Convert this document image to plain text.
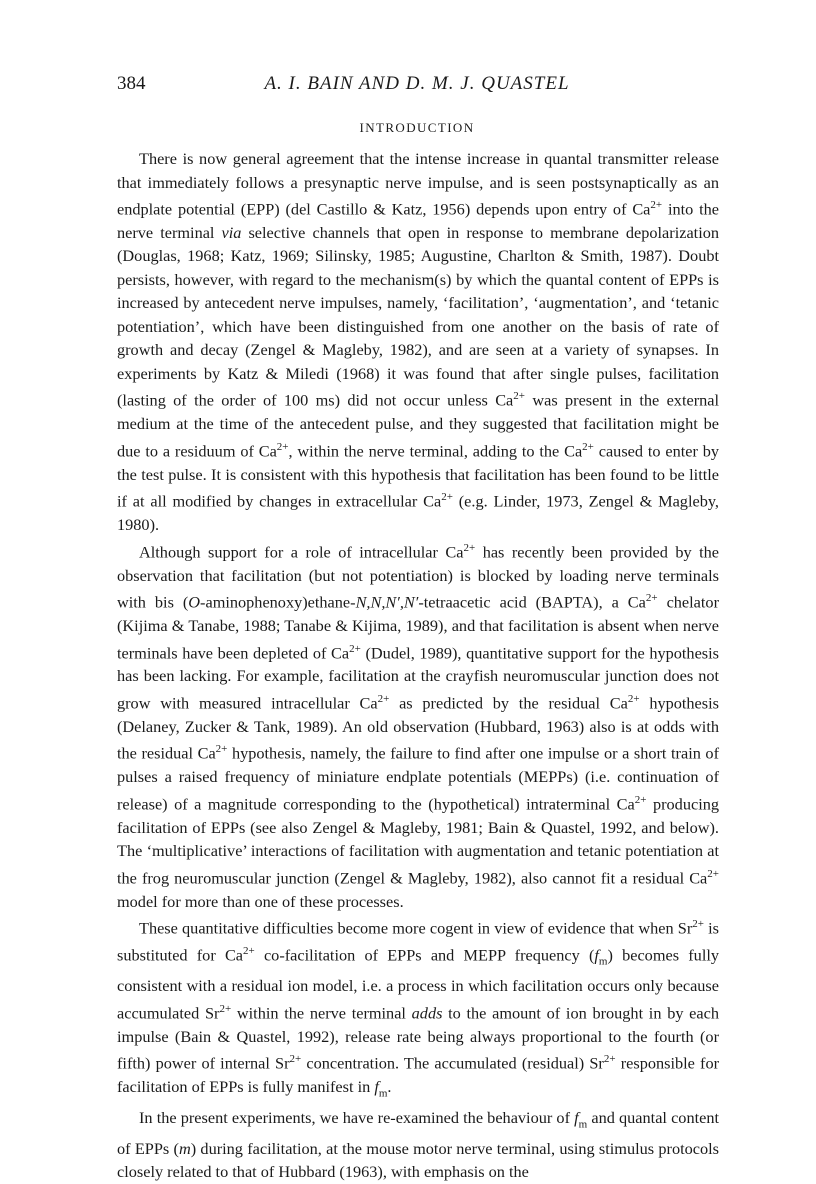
384	A. I. BAIN AND D. M. J. QUASTEL
INTRODUCTION

There is now general agreement that the intense increase in quantal transmitter release that immediately follows a presynaptic nerve impulse, and is seen postsynaptically as an endplate potential (EPP) (del Castillo & Katz, 1956) depends upon entry of $Ca^{2+}$ into the nerve terminal via selective channels that open in response to membrane depolarization (Douglas, 1968; Katz, 1969; Silinsky, 1985; Augustine, Charlton & Smith, 1987). Doubt persists, however, with regard to the mechanism(s) by which the quantal content of EPPs is increased by antecedent nerve impulses, namely, ‘facilitation’, ‘augmentation’, and ‘tetanic potentiation’, which have been distinguished from one another on the basis of rate of growth and decay (Zengel & Magleby, 1982), and are seen at a variety of synapses. In experiments by Katz & Miledi (1968) it was found that after single pulses, facilitation (lasting of the order of 100 ms) did not occur unless $Ca^{2+}$ was present in the external medium at the time of the antecedent pulse, and they suggested that facilitation might be due to a residuum of $Ca^{2+}$, within the nerve terminal, adding to the $Ca^{2+}$ caused to enter by the test pulse. It is consistent with this hypothesis that facilitation has been found to be little if at all modified by changes in extracellular $Ca^{2+}$ (e.g. Linder, 1973, Zengel & Magleby, 1980).

Although support for a role of intracellular $Ca^{2+}$ has recently been provided by the observation that facilitation (but not potentiation) is blocked by loading nerve terminals with bis (O-aminophenoxy)ethane-N,N,N′,N′-tetraacetic acid (BAPTA), a $Ca^{2+}$ chelator (Kijima & Tanabe, 1988; Tanabe & Kijima, 1989), and that facilitation is absent when nerve terminals have been depleted of $Ca^{2+}$ (Dudel, 1989), quantitative support for the hypothesis has been lacking. For example, facilitation at the crayfish neuromuscular junction does not grow with measured intracellular $Ca^{2+}$ as predicted by the residual $Ca^{2+}$ hypothesis (Delaney, Zucker & Tank, 1989). An old observation (Hubbard, 1963) also is at odds with the residual $Ca^{2+}$ hypothesis, namely, the failure to find after one impulse or a short train of pulses a raised frequency of miniature endplate potentials (MEPPs) (i.e. continuation of release) of a magnitude corresponding to the (hypothetical) intraterminal $Ca^{2+}$ producing facilitation of EPPs (see also Zengel & Magleby, 1981; Bain & Quastel, 1992, and below). The ‘multiplicative’ interactions of facilitation with augmentation and tetanic potentiation at the frog neuromuscular junction (Zengel & Magleby, 1982), also cannot fit a residual $Ca^{2+}$ model for more than one of these processes.

These quantitative difficulties become more cogent in view of evidence that when $Sr^{2+}$ is substituted for $Ca^{2+}$ co-facilitation of EPPs and MEPP frequency $(f_m)$ becomes fully consistent with a residual ion model, i.e. a process in which facilitation occurs only because accumulated $Sr^{2+}$ within the nerve terminal adds to the amount of ion brought in by each impulse (Bain & Quastel, 1992), release rate being always proportional to the fourth (or fifth) power of internal $Sr^{2+}$ concentration. The accumulated (residual) $Sr^{2+}$ responsible for facilitation of EPPs is fully manifest in $f_m$.

In the present experiments, we have re-examined the behaviour of $f_m$ and quantal content of EPPs (m) during facilitation, at the mouse motor nerve terminal, using stimulus protocols closely related to that of Hubbard (1963), with emphasis on the
